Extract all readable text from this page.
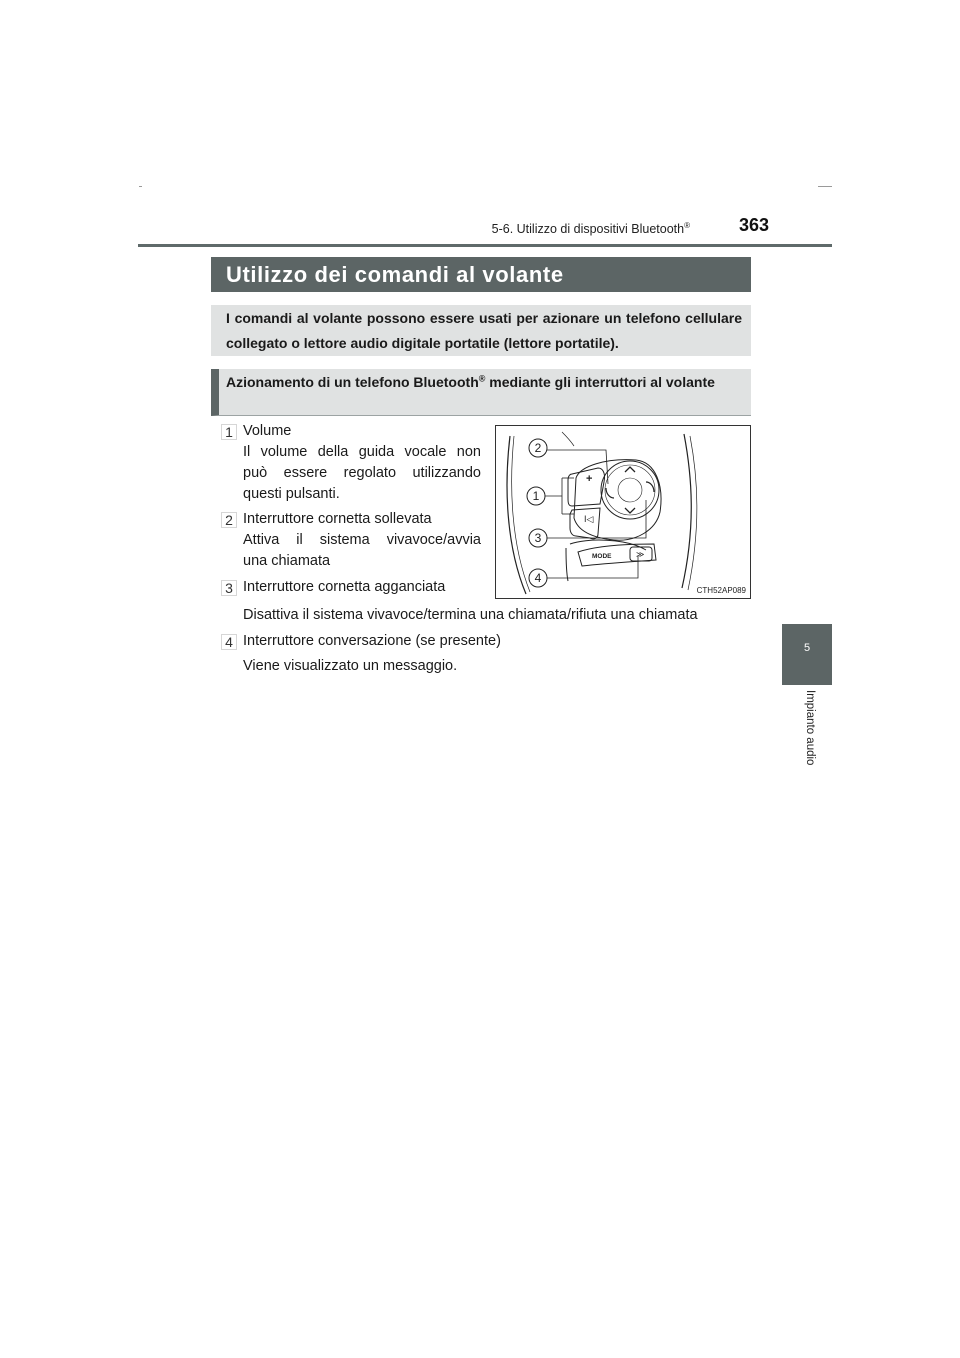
5-6. Utilizzo di dispositivi Bluetooth®	363
5
Impianto audio
Utilizzo dei comandi al volante
I comandi al volante possono essere usati per azionare un telefono cellulare collegato o lettore audio digitale portatile (lettore portatile).
Azionamento di un telefono Bluetooth® mediante gli interruttori al volante
1 Volume
Il volume della guida vocale non
può essere regolato utilizzando
questi pulsanti.
2 Interruttore cornetta sollevata
Attiva il sistema vivavoce/avvia
una chiamata
3 Interruttore cornetta agganciata
Disattiva il sistema vivavoce/termina una chiamata/rifiuta una chiamata
4 Interruttore conversazione (se presente)
Viene visualizzato un messaggio.
+
I◁
MODE	≫
2
1
3
4
CTH52AP089
